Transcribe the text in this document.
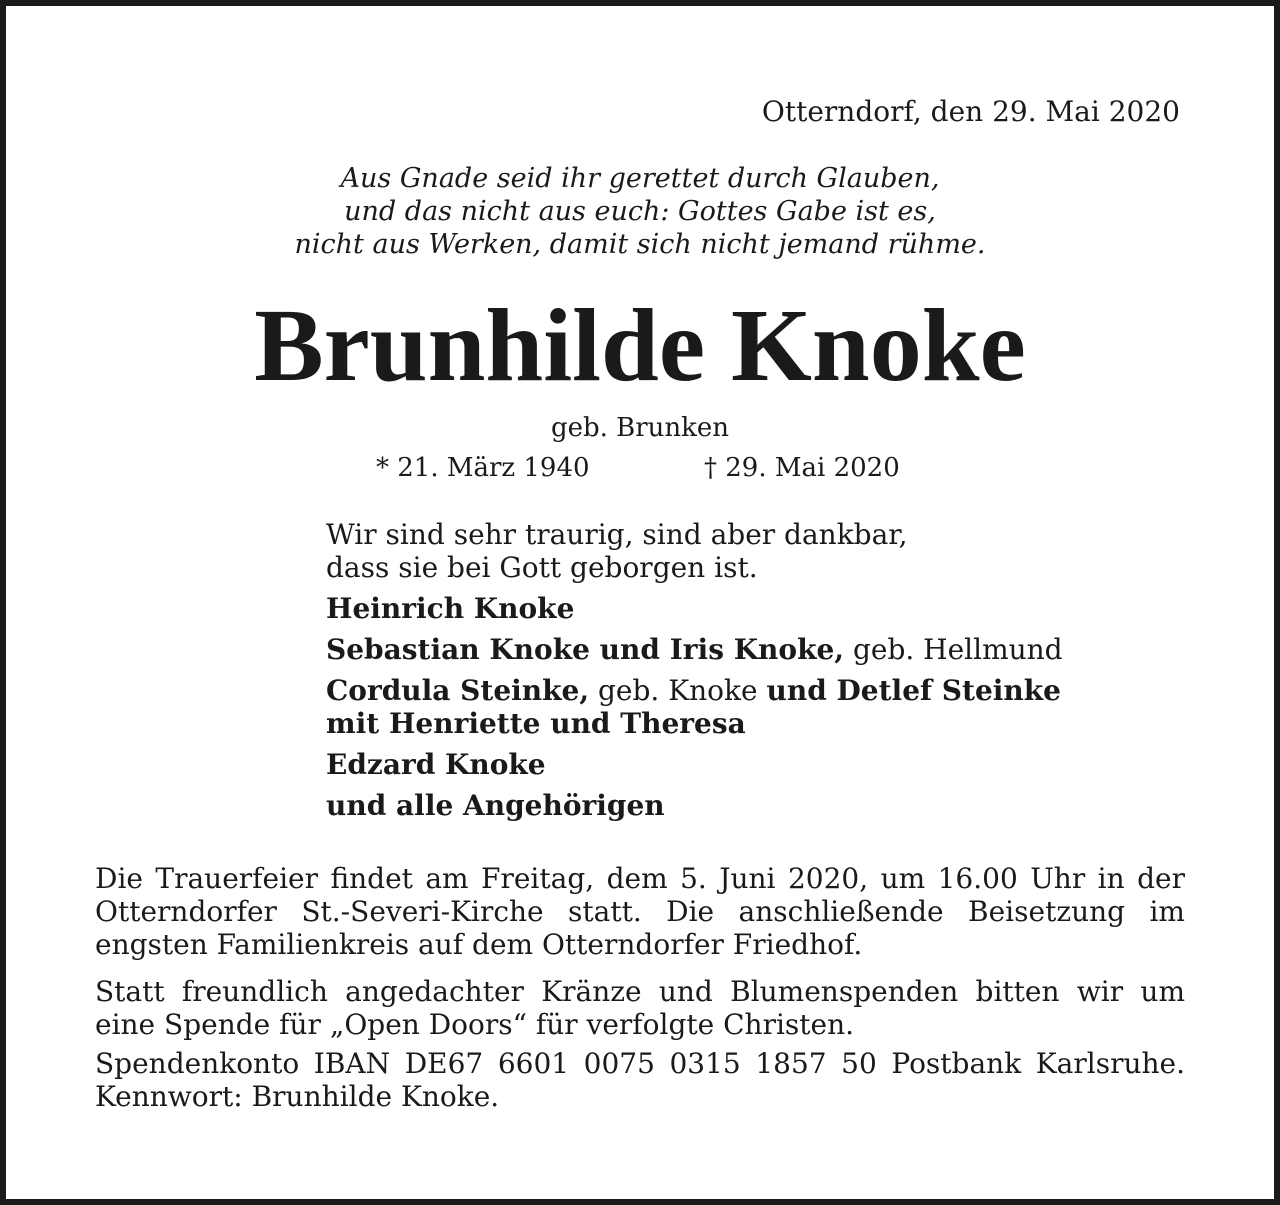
Otterndorf, den 29. Mai 2020
Aus Gnade seid ihr gerettet durch Glauben,
und das nicht aus euch: Gottes Gabe ist es,
nicht aus Werken, damit sich nicht jemand rühme.
Brunhilde Knoke
geb. Brunken
* 21. März 1940	† 29. Mai 2020
Wir sind sehr traurig, sind aber dankbar,
dass sie bei Gott geborgen ist.
Heinrich Knoke
Sebastian Knoke und Iris Knoke, geb. Hellmund
Cordula Steinke, geb. Knoke und Detlef Steinke
mit Henriette und Theresa
Edzard Knoke
und alle Angehörigen
Die Trauerfeier findet am Freitag, dem 5. Juni 2020, um 16.00 Uhr in der Otterndorfer St.-Severi-Kirche statt. Die anschließende Beisetzung im engsten Familienkreis auf dem Otterndorfer Friedhof.
Statt freundlich angedachter Kränze und Blumenspenden bitten wir um eine Spende für „Open Doors“ für verfolgte Christen.
Spendenkonto IBAN DE67 6601 0075 0315 1857 50 Postbank Karlsruhe. Kennwort: Brunhilde Knoke.
